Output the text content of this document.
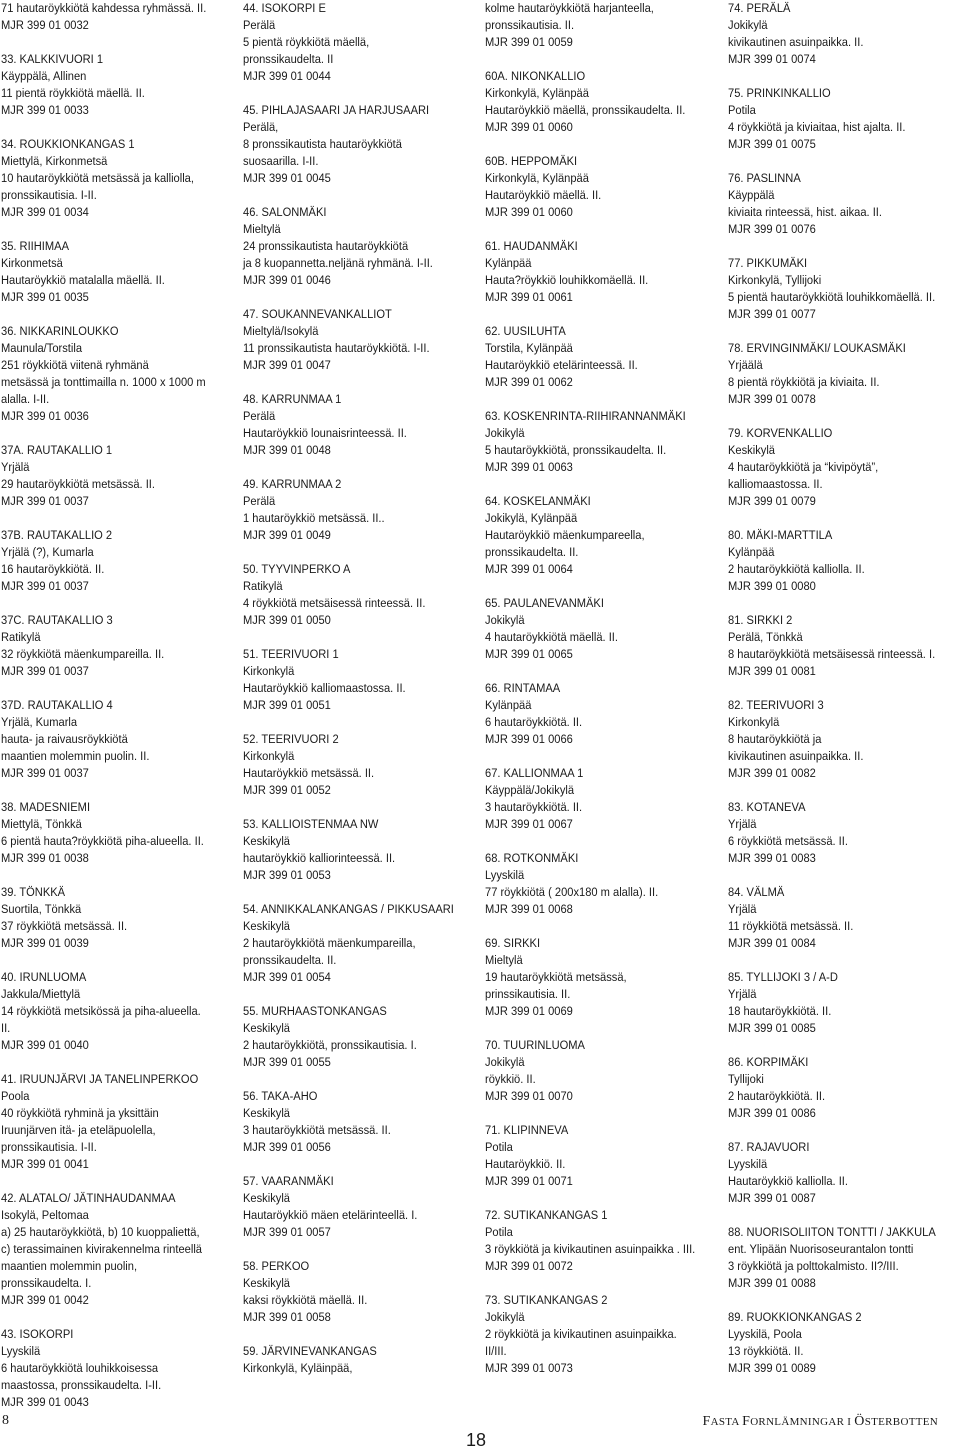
71 hautaröykkiötä kahdessa ryhmässä. II.
MJR 399 01 0032
33. KALKKIVUORI 1
Käyppälä, Allinen
11 pientä röykkiötä mäellä. II.
MJR 399 01 0033
34. ROUKKIONKANGAS 1
Miettylä, Kirkonmetsä
10 hautaröykkiötä metsässä ja kalliolla,
pronssikautisia. I-II.
MJR 399 01 0034
35. RIIHIMAA
Kirkonmetsä
Hautaröykkiö matalalla mäellä. II.
MJR 399 01 0035
36. NIKKARINLOUKKO
Maunula/Torstila
251 röykkiötä viitenä ryhmänä
metsässä ja tonttimailla n. 1000 x 1000 m
alalla. I-II.
MJR 399 01 0036
37A. RAUTAKALLIO 1
Yrjälä
29 hautaröykkiötä metsässä. II.
MJR 399 01 0037
37B. RAUTAKALLIO 2
Yrjälä (?), Kumarla
16 hautaröykkiötä. II.
MJR 399 01 0037
37C. RAUTAKALLIO 3
Ratikylä
32 röykkiötä mäenkumpareilla. II.
MJR 399 01 0037
37D. RAUTAKALLIO 4
Yrjälä, Kumarla
hauta- ja raivausröykkiötä
maantien molemmin puolin. II.
MJR 399 01 0037
38. MADESNIEMI
Miettylä, Tönkkä
6 pientä hauta?röykkiötä piha-alueella. II.
MJR 399 01 0038
39. TÖNKKÄ
Suortila, Tönkkä
37 röykkiötä metsässä. II.
MJR 399 01 0039
40. IRUNLUOMA
Jakkula/Miettylä
14 röykkiötä metsikössä ja piha-alueella.
II.
MJR 399 01 0040
41. IRUUNJÄRVI JA TANELINPERKOO
Poola
40 röykkiötä ryhminä ja yksittäin
Iruunjärven itä- ja eteläpuolella,
pronssikautisia. I-II.
MJR 399 01 0041
42. ALATALO/ JÄTINHAUDANMAA
Isokylä, Peltomaa
a) 25 hautaröykkiötä, b) 10 kuoppaliettä,
c) terassimainen kivirakennelma rinteellä
maantien molemmin puolin,
pronssikaudelta. I.
MJR 399 01 0042
43. ISOKORPI
Lyyskilä
6 hautaröykkiötä louhikkoisessa
maastossa, pronssikaudelta. I-II.
MJR 399 01 0043
44. ISOKORPI E
Perälä
5 pientä röykkiötä mäellä,
pronssikaudelta. II
MJR 399 01 0044
45. PIHLAJASAARI JA HARJUSAARI
Perälä,
8 pronssikautista hautaröykkiötä
suosaarilla. I-II.
MJR 399 01 0045
46. SALONMÄKI
Mieltylä
24 pronssikautista hautaröykkiötä
ja 8 kuopannetta.neljänä ryhmänä. I-II.
MJR 399 01 0046
47. SOUKANNEVANKALLIOT
Mieltylä/Isokylä
11 pronssikautista hautaröykkiötä. I-II.
MJR 399 01 0047
48. KARRUNMAA 1
Perälä
Hautaröykkiö lounaisrinteessä. II.
MJR 399 01 0048
49. KARRUNMAA 2
Perälä
1 hautaröykkiö metsässä. II..
MJR 399 01 0049
50. TYYVINPERKO A
Ratikylä
4 röykkiötä metsäisessä rinteessä. II.
MJR 399 01 0050
51. TEERIVUORI 1
Kirkonkylä
Hautaröykkiö kalliomaastossa. II.
MJR 399 01 0051
52. TEERIVUORI 2
Kirkonkylä
Hautaröykkiö metsässä. II.
MJR 399 01 0052
53. KALLIOISTENMAA NW
Keskikylä
hautaröykkiö kalliorinteessä. II.
MJR 399 01 0053
54. ANNIKKALANKANGAS / PIKKUSAARI
Keskikylä
2 hautaröykkiötä mäenkumpareilla,
pronssikaudelta. II.
MJR 399 01 0054
55. MURHAASTONKANGAS
Keskikylä
2 hautaröykkiötä, pronssikautisia. I.
MJR 399 01 0055
56. TAKA-AHO
Keskikylä
3 hautaröykkiötä metsässä. II.
MJR 399 01 0056
57. VAARANMÄKI
Keskikylä
Hautaröykkiö mäen etelärinteellä. I.
MJR 399 01 0057
58. PERKOO
Keskikylä
kaksi röykkiötä mäellä. II.
MJR 399 01 0058
59. JÄRVINEVANKANGAS
Kirkonkylä, Kyläinpää,
kolme hautaröykkiötä harjanteella,
pronssikautisia. II.
MJR 399 01 0059
60A. NIKONKALLIO
Kirkonkylä, Kylänpää
Hautaröykkiö mäellä, pronssikaudelta. II.
MJR 399 01 0060
60B. HEPPOMÄKI
Kirkonkylä, Kylänpää
Hautaröykkiö mäellä. II.
MJR 399 01 0060
61. HAUDANMÄKI
Kylänpää
Hauta?röykkiö louhikkomäellä. II.
MJR 399 01 0061
62. UUSILUHTA
Torstila, Kylänpää
Hautaröykkiö etelärinteessä. II.
MJR 399 01 0062
63. KOSKENRINTA-RIIHIRANNANMÄKI
Jokikylä
5 hautaröykkiötä, pronssikaudelta. II.
MJR 399 01 0063
64. KOSKELANMÄKI
Jokikylä, Kylänpää
Hautaröykkiö mäenkumpareella,
pronssikaudelta. II.
MJR 399 01 0064
65. PAULANEVANMÄKI
Jokikylä
4 hautaröykkiötä mäellä. II.
MJR 399 01 0065
66. RINTAMAA
Kylänpää
6 hautaröykkiötä. II.
MJR 399 01 0066
67. KALLIONMAA 1
Käyppälä/Jokikylä
3 hautaröykkiötä. II.
MJR 399 01 0067
68. ROTKONMÄKI
Lyyskilä
77 röykkiötä ( 200x180 m alalla). II.
MJR 399 01 0068
69. SIRKKI
Mieltylä
19 hautaröykkiötä metsässä,
prinssikautisia. II.
MJR 399 01 0069
70. TUURINLUOMA
Jokikylä
röykkiö. II.
MJR 399 01 0070
71. KLIPINNEVA
Potila
Hautaröykkiö. II.
MJR 399 01 0071
72. SUTIKANKANGAS 1
Potila
3 röykkiötä ja kivikautinen asuinpaikka . III.
MJR 399 01 0072
73. SUTIKANKANGAS 2
Jokikylä
2 röykkiötä ja kivikautinen asuinpaikka.
II/III.
MJR 399 01 0073
74. PERÄLÄ
Jokikylä
kivikautinen asuinpaikka. II.
MJR 399 01 0074
75. PRINKINKALLIO
Potila
4 röykkiötä ja kiviaitaa, hist ajalta. II.
MJR 399 01 0075
76. PASLINNA
Käyppälä
kiviaita rinteessä, hist. aikaa. II.
MJR 399 01 0076
77. PIKKUMÄKI
Kirkonkylä, Tyllijoki
5 pientä hautaröykkiötä louhikkomäellä. II.
MJR 399 01 0077
78. ERVINGINMÄKI/ LOUKASMÄKI
Yrjäälä
8 pientä röykkiötä ja kiviaita. II.
MJR 399 01 0078
79. KORVENKALLIO
Keskikylä
4 hautaröykkiötä ja “kivipöytä”,
kalliomaastossa. II.
MJR 399 01 0079
80. MÄKI-MARTTILA
Kylänpää
2 hautaröykkiötä kalliolla. II.
MJR 399 01 0080
81. SIRKKI 2
Perälä, Tönkkä
8 hautaröykkiötä metsäisessä rinteessä. I.
MJR 399 01 0081
82. TEERIVUORI 3
Kirkonkylä
8 hautaröykkiötä ja
kivikautinen asuinpaikka. II.
MJR 399 01 0082
83. KOTANEVA
Yrjälä
6 röykkiötä metsässä. II.
MJR 399 01 0083
84. VÄLMÄ
Yrjälä
11 röykkiötä metsässä. II.
MJR 399 01 0084
85. TYLLIJOKI 3 / A-D
Yrjälä
18 hautaröykkiötä. II.
MJR 399 01 0085
86. KORPIMÄKI
Tyllijoki
2 hautaröykkiötä. II.
MJR 399 01 0086
87. RAJAVUORI
Lyyskilä
Hautaröykkiö kalliolla. II.
MJR 399 01 0087
88. NUORISOLIITON TONTTI / JAKKULA
ent. Ylipään Nuorisoseurantalon tontti
3 röykkiötä ja polttokalmisto. II?/III.
MJR 399 01 0088
89. RUOKKIONKANGAS 2
Lyyskilä, Poola
13 röykkiötä. II.
MJR 399 01 0089
8
18
FASTA FORNLÄMNINGAR I ÖSTERBOTTEN
